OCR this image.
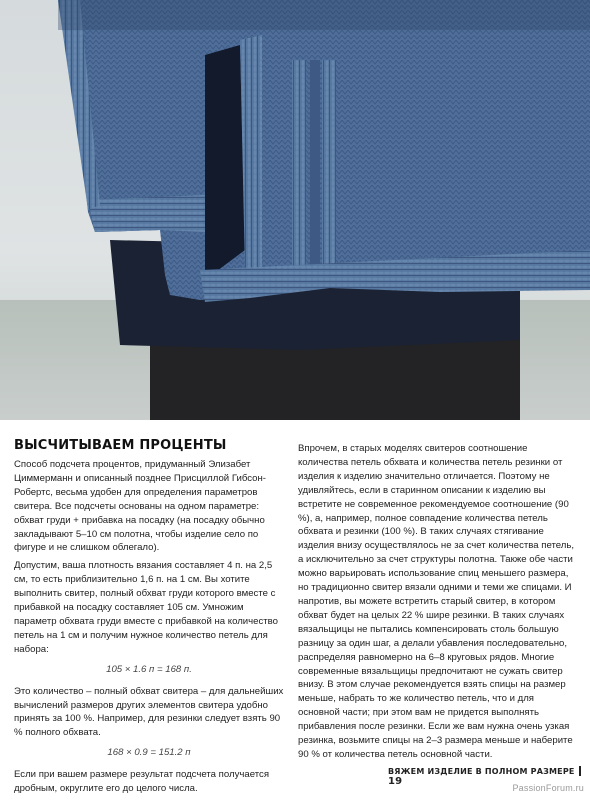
ВЫСЧИТЫВАЕМ ПРОЦЕНТЫ

Способ подсчета процентов, придуманный Элизабет Циммерманн и описанный позднее Присциллой Гибсон-Робертс, весьма удобен для определения параметров свитера. Все подсчеты основаны на одном параметре: обхват груди + прибавка на посадку (на посадку обычно закладывают 5–10 см полотна, чтобы изделие село по фигуре и не слишком облегало).

Допустим, ваша плотность вязания составляет 4 п. на 2,5 см, то есть приблизительно 1,6 п. на 1 см. Вы хотите выполнить свитер, полный обхват груди которого вместе с прибавкой на посадку составляет 105 см. Умножим параметр обхвата груди вместе с прибавкой на количество петель на 1 см и получим нужное количество петель для набора:

105 × 1.6 п = 168 п.

Это количество – полный обхват свитера – для дальнейших вычислений размеров других элементов свитера удобно принять за 100 %. Например, для резинки следует взять 90 % полного обхвата.

168 × 0.9 = 151.2 п

Если при вашем размере результат подсчета получается дробным, округлите его до целого числа.

Впрочем, в старых моделях свитеров соотношение количества петель обхвата и количества петель резинки от изделия к изделию значительно отличается. Поэтому не удивляйтесь, если в старинном описании к изделию вы встретите не современное рекомендуемое соотношение (90 %), а, например, полное совпадение количества петель обхвата и резинки (100 %). В таких случаях стягивание изделия внизу осуществлялось не за счет количества петель, а исключительно за счет структуры полотна. Также обе части можно варьировать использование спиц меньшего размера, но традиционно свитер вязали одними и теми же спицами. И напротив, вы можете встретить старый свитер, в котором обхват будет на целых 22 % шире резинки. В таких случаях вязальщицы не пытались компенсировать столь большую разницу за один шаг, а делали убавления последовательно, распределяя равномерно на 6–8 круговых рядов. Многие современные вязальщицы предпочитают не сужать свитер внизу. В этом случае рекомендуется взять спицы на размер меньше, набрать то же количество петель, что и для основной части; при этом вам не придется выполнять прибавления после резинки. Если же вам нужна очень узкая резинка, возьмите спицы на 2–3 размера меньше и наберите 90 % от количества петель основной части.

ВЯЖЕМ ИЗДЕЛИЕ В ПОЛНОМ РАЗМЕРЕ19
PassionForum.ru
